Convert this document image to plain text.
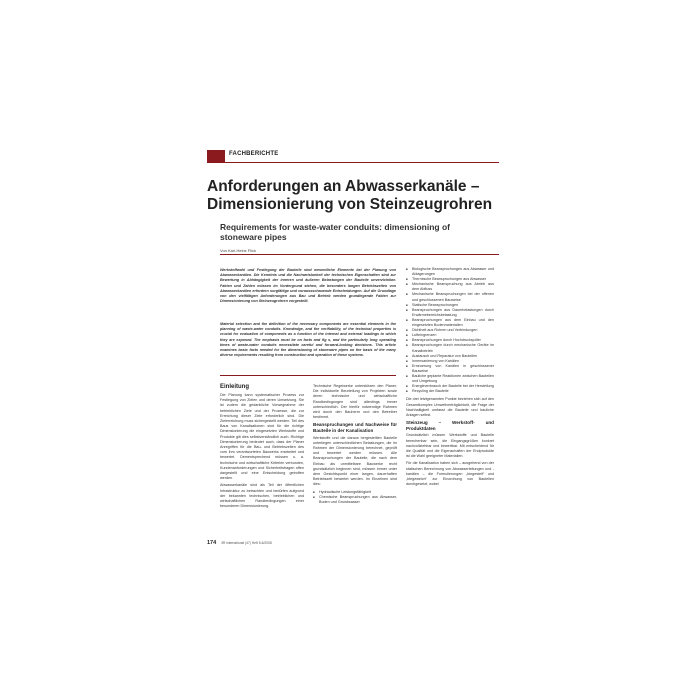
FACHBERICHTE
Anforderungen an Abwasserkanäle – Dimensionierung von Steinzeugrohren
Requirements for waste-water conduits: dimensioning of stoneware pipes
Von Karl-Heinz Flick
Werkstoffwahl und Festlegung der Bauteile sind wesentliche Elemente bei der Planung von Abwasserkanälen. Die Kenntnis und die Nachweisbarkeit der technischen Eigenschaften sind zur Bewertung in Abhängigkeit der inneren und äußeren Belastungen der Bauteile unverzichtbar. Fakten und Zahlen müssen im Vordergrund stehen, die besonders langen Betriebszeiten von Abwasserkanälen erfordern sorgfältige und voraussschauende Entscheidungen. Auf die Grundlage von den vielfältigen Anforderungen aus Bau und Betrieb werden grundlegende Fakten zur Dimensionierung von Steinzeugrohren vorgestellt.
Material selection and the definition of the necessary components are essential elements in the planning of waste-water conduits. Knowledge, and the verifiability, of the technical properties is crucial for evaluation of components as a function of the internal and external loadings to which they are exposed. The emphasis must be on facts and fig s, and the particularly long operating times of waste-water conduits necessitate careful and forward-looking decisions. This article examines basic facts needed for the dimensioning of stoneware pipes on the basis of the many diverse requirements resulting from construction and operation of these systems.
Einleitung
Die Planung kann systematischer Prozess zur Festlegung von Zielen und deren Umsetzung. Sie ist zudem die gedankliche Vorwegnahme der betrieblichen Ziele und der Prozesse, die zur Erreichung dieser Ziele erforderlich sind. Die Zielerreichung muss sichergestellt werden. Teil des Baus von Kanalisationen sind für die richtige Dimensionierung die eingesetzten Werkstoffe und Produkte gilt dies selbstverständlich auch. Richtige Dimensionierung bedeutet auch, dass der Planer Anregriffen für die Bau- und Betriebszeiten des vom ihm verantworteten Bauwerks erarbeitet und bewertet. Dementsprechend müssen u. a. technische und wirtschaftliche Kriterien verbunden, Kundenanforderungen und Sicherheitsfragen offen dargestellt und eine Entscheidung getroffen werden.
Abwasserkanäle sind als Teil der öffentlichen Infrastruktur zu betrachten und bedürfen aufgrund der bekannten technischen, betrieblichen und wirtschaftlichen Randbedingungen einer besonderen Dimensionierung.
Technische Regelwerke unterstützen den Planer. Die individuelle Beurteilung von Projekten sowie deren technische und wirtschaftliche Randbedingungen sind allerdings immer unterschiedlich. Der hierfür notwendige Rahmen wird durch den Bauherrn und den Betreiber bestimmt.
Beanspruchungen und Nachweise für Bauteile in der Kanalisation
Werkstoffe und die daraus hergestellten Bauteile unterliegen unterschiedlichen Belastungen, die im Rahmen der Dimensionierung berechnet, geprüft und bewertet werden müssen. Alle Beanspruchungen der Bauteile, die nach dem Einbau als unmittelbare Bauwerke recht grundsätzlich beginnen sind, müssen immer unter dem Gesichtspunkt einer langen, dauerhaften Betriebszeit bewertet werden. Im Einzelnen sind dies:
■ Hydraulische Leistungsfähigkeit
■ Chemische Beanspruchungen aus Abwasser, Boden und Grundwasser
■ Biologische Beanspruchungen aus Abwasser und Ablagerungen
■ Thermische Beanspruchungen aus Abwasser
■ Mechanische Beanspruchung aus Abrieb aus dem Abfluss
■ Mechanische Beanspruchungen bei der offenen und geschlossenen Bauweise
■ Statische Beanspruchungen
■ Beanspruchungen aus Dauerbelastungen durch Erwärmebereichsbelastung
■ Beanspruchungen aus dem Einbau und den eingesetzten Bodenmaterialien
■ Dichtheit aus Rohren und Verbindungen
■ Lufteingrenzen
■ Beanspruchungen durch Hochdruckspüler
■ Beanspruchungen durch mechanische Geräte im Kanalbetrieb
■ Austausch und Reparatur von Bauteilen
■ Innensanierung von Kanälen
■ Erneuerung von Kanälen in geschlossener Bauweise
■ Bauliche geplante Reaktionen zwischen Bauteilen und Umgebung
■ Energieverbrauch der Bauteile bei der Herstellung
■ Recycling der Bauteile
Die drei letztgenannten Punkte beziehen sich auf den Gesamtkomplex Umweltverträglichkeit, die Frage der Nachhaltigkeit umfasst die Bauteile und bauliche Anlagen selbst.
Steinzeug – Werkstoff- und Produktdaten
Grundsätzlich müssen Werkstoffe und Bauteile berechenbar sein, die Eingangsgrößen konkret nachvollziehbar und bewertbar. Mit entscheidend für die Qualität und die Eigenschaften der Endprodukte ist die Wahl geeigneter Materialien.
Für die Kanalisation haben sich – ausgehend von der statischen Berechnung von Abwasserleitungen und -kanälen – die Formulierungen „biegesteif“ und „biegeweich“ zur Einordnung von Bauteilen durchgesetzt, wobei
174 3R international (47) Heft 5-6/2008
